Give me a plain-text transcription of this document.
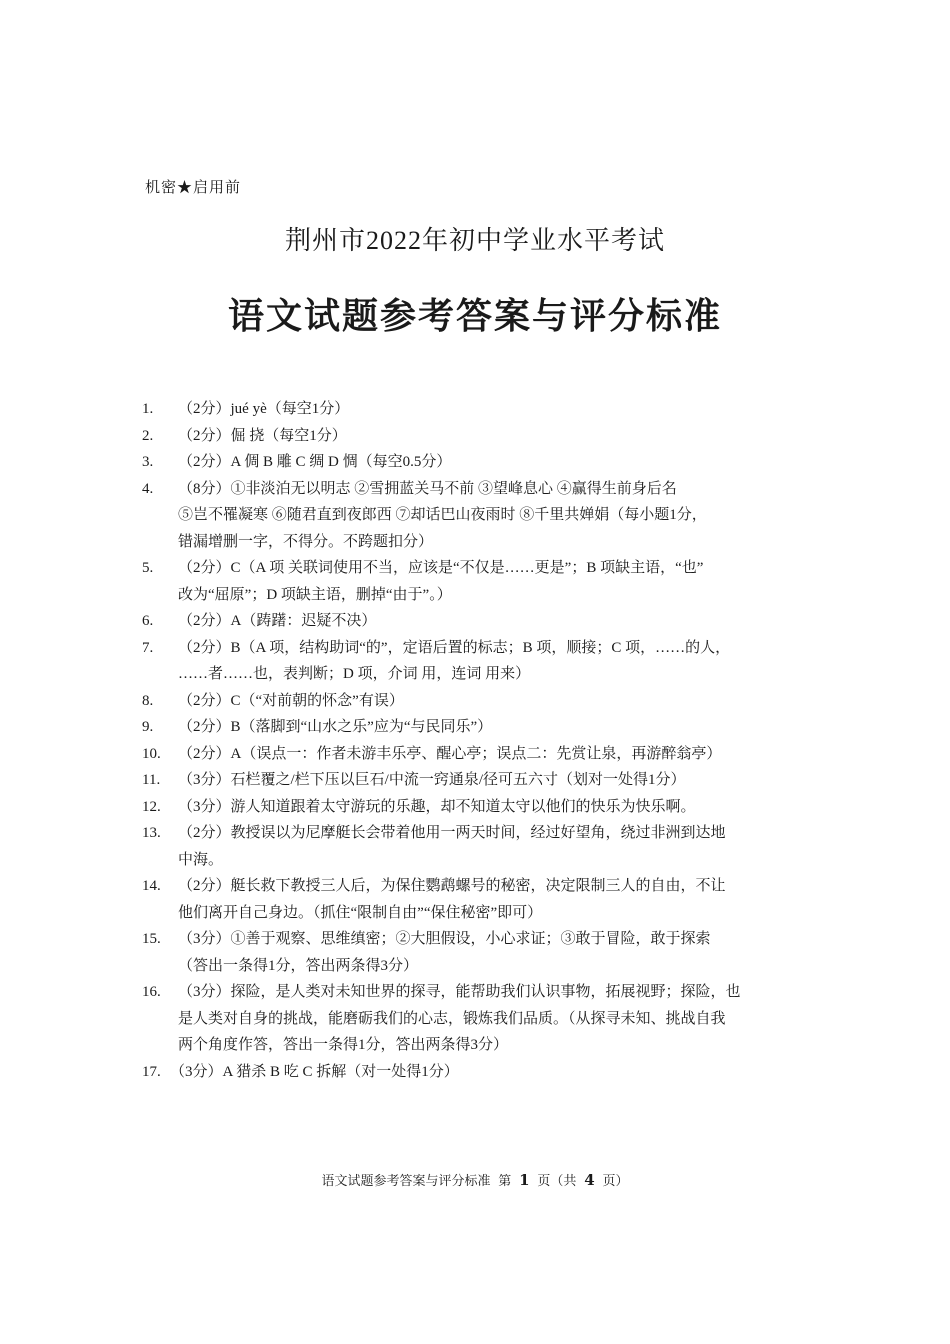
机密★启用前
荆州市2022年初中学业水平考试
语文试题参考答案与评分标准
1.	（2分）jué yè（每空1分）
2.	（2分）倔 挠（每空1分）
3.	（2分）A 倜 B 雕 C 绸 D 惆（每空0.5分）
4.	（8分）①非淡泊无以明志 ②雪拥蓝关马不前 ③望峰息心 ④赢得生前身后名
⑤岂不罹凝寒 ⑥随君直到夜郎西 ⑦却话巴山夜雨时 ⑧千里共婵娟（每小题1分，
错漏增删一字，不得分。不跨题扣分）
5.	（2分）C（A 项 关联词使用不当，应该是“不仅是……更是”；B 项缺主语，“也”
改为“屈原”；D 项缺主语，删掉“由于”。）
6.	（2分）A（踌躇：迟疑不决）
7.	（2分）B（A 项，结构助词“的”，定语后置的标志；B 项，顺接；C 项，……的人，
……者……也，表判断；D 项，介词 用，连词 用来）
8.	（2分）C（“对前朝的怀念”有误）
9.	（2分）B（落脚到“山水之乐”应为“与民同乐”）
10.	（2分）A（误点一：作者未游丰乐亭、醒心亭；误点二：先赏让泉，再游醉翁亭）
11.	（3分）石栏覆之/栏下压以巨石/中流一窍通泉/径可五六寸（划对一处得1分）
12.	（3分）游人知道跟着太守游玩的乐趣，却不知道太守以他们的快乐为快乐啊。
13.	（2分）教授误以为尼摩艇长会带着他用一两天时间，经过好望角，绕过非洲到达地
中海。
14.	（2分）艇长救下教授三人后，为保住鹦鹉螺号的秘密，决定限制三人的自由，不让
他们离开自己身边。（抓住“限制自由”“保住秘密”即可）
15.	（3分）①善于观察、思维缜密；②大胆假设，小心求证；③敢于冒险，敢于探索
（答出一条得1分，答出两条得3分）
16.	（3分）探险，是人类对未知世界的探寻，能帮助我们认识事物，拓展视野；探险，也
是人类对自身的挑战，能磨砺我们的心志，锻炼我们品质。（从探寻未知、挑战自我
两个角度作答，答出一条得1分，答出两条得3分）
17. （3分）A 猎杀 B 吃 C 拆解（对一处得1分）
语文试题参考答案与评分标准 第 1 页（共 4 页）
